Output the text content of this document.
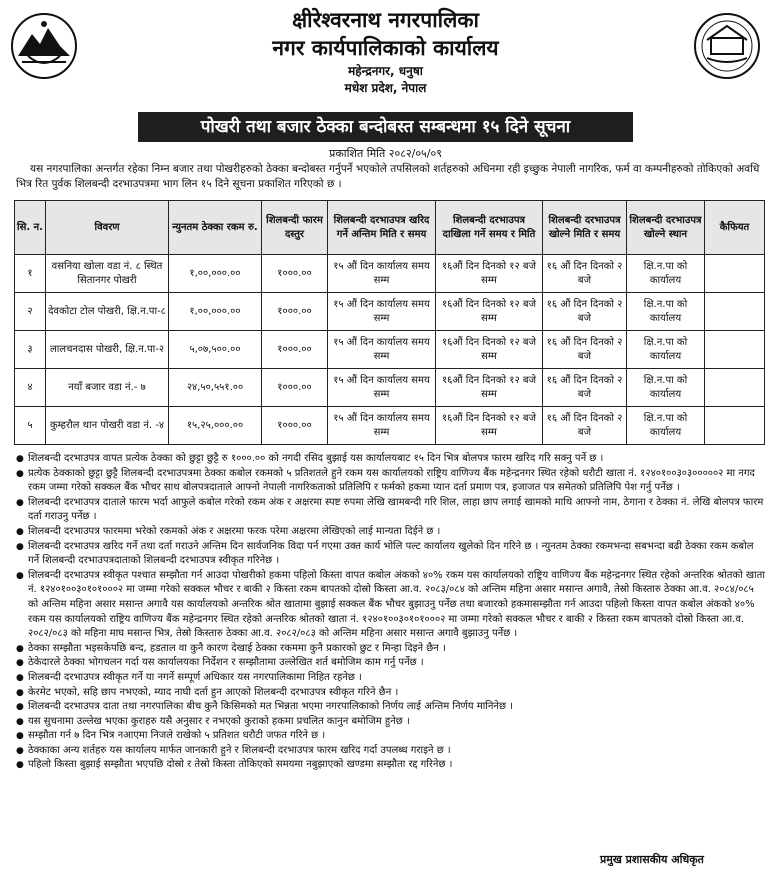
क्षीरेश्वरनाथ नगरपालिका
नगर कार्यपालिकाको कार्यालय
महेन्द्रनगर, धनुषा
मधेश प्रदेश, नेपाल
पोखरी तथा बजार ठेक्का बन्दोबस्त सम्बन्धमा १५ दिने सूचना
प्रकाशित मिति २०८२/०५/०९
यस नगरपालिका अन्तर्गत रहेका निम्न बजार तथा पोखरीहरुको ठेक्का बन्दोबस्त गर्नुपर्ने भएकोले तपसिलको शर्तहरुको अधिनमा रही इच्छुक नेपाली नागरिक, फर्म वा कम्पनीहरुको तोकिएको अवधि भित्र रित पुर्वक शिलबन्दी दरभाउपत्रमा भाग लिन १५ दिने सूचना प्रकाशित गरिएको छ ।
सि. न.	विवरण	न्युनतम ठेक्का रकम रु.	शिलबन्दी फारम दस्तुर	शिलबन्दी दरभाउपत्र खरिद गर्ने अन्तिम मिति र समय	शिलबन्दी दरभाउपत्र दाखिला गर्ने समय र मिति	शिलबन्दी दरभाउपत्र खोल्ने मिति र समय	शिलबन्दी दरभाउपत्र खोल्ने स्थान	कैफियत
१	वसनिया खोला वडा नं. ८ स्थित सितानगर पोखरी	१,००,०००.००	१०००.००	१५ औं दिन कार्यालय समय सम्म	१६औं दिन दिनको १२ बजे सम्म	१६ औं दिन दिनको २ बजे	क्षि.न.पा को कार्यालय	
२	देवकोटा टोल पोखरी, क्षि.न.पा-८	१,००,०००.००	१०००.००	१५ औं दिन कार्यालय समय सम्म	१६औं दिन दिनको १२ बजे सम्म	१६ औं दिन दिनको २ बजे	क्षि.न.पा को कार्यालय	
३	लालचनदास पोखरी, क्षि.न.पा-२	५,०७,५००.००	१०००.००	१५ औं दिन कार्यालय समय सम्म	१६औं दिन दिनको १२ बजे सम्म	१६ औं दिन दिनको २ बजे	क्षि.न.पा को कार्यालय	
४	नयाँ बजार वडा नं.- ७	२४,५०,५५१.००	१०००.००	१५ औं दिन कार्यालय समय सम्म	१६औं दिन दिनको १२ बजे सम्म	१६ औं दिन दिनको २ बजे	क्षि.न.पा को कार्यालय	
५	कुम्हरौल थान पोखरी वडा नं. -४	१५,२५,०००.००	१०००.००	१५ औं दिन कार्यालय समय सम्म	१६औं दिन दिनको १२ बजे सम्म	१६ औं दिन दिनको २ बजे	क्षि.न.पा को कार्यालय	
● शिलबन्दी दरभाउपत्र वापत प्रत्येक ठेक्का को छुट्टा छुट्टै रु १०००.०० को नगदी रसिद बुझाई यस कार्यालयबाट १५ दिन भित्र बोलपत्र फारम खरिद गरि सक्नु पर्ने छ ।
● प्रत्येक ठेक्काको छुट्टा छुट्टै शिलबन्दी दरभाउपत्रमा ठेक्का कबोल रकमको ५ प्रतिशतले हुने रकम यस कार्यालयको राष्ट्रिय वाणिज्य बैंक महेन्द्रनगर स्थित रहेको धरौटी खाता नं. १२४०१००३०३०००००२ मा नगद रकम जम्मा गरेको सक्कल बैंक भौचर साथ बोलपत्रदाताले आफ्नो नेपाली नागरिकताको प्रतिलिपि र फर्मको हकमा प्यान दर्ता प्रमाण पत्र, इजाजत पत्र समेतको प्रतिलिपि पेश गर्नु पर्नेछ ।
● शिलबन्दी दरभाउपत्र दाताले फारम भर्दा आफुले कबोल गरेको रकम अंक र अक्षरमा स्पष्ट रुपमा लेखि खामबन्दी गरि शिल, लाहा छाप लगाई खामको माथि आफ्नो नाम, ठेगाना र ठेक्का नं. लेखि बोलपत्र फारम दर्ता गराउनु पर्नेछ ।
● शिलबन्दी दरभाउपत्र फारममा भरेको रकमको अंक र अक्षरमा फरक परेमा अक्षरमा लेखिएको लाई मान्यता दिईने छ ।
● शिलबन्दी दरभाउपत्र खरिद गर्ने तथा दर्ता गराउने अन्तिम दिन सार्वजनिक विदा पर्न गएमा उक्त कार्य भोलि पल्ट कार्यालय खुलेको दिन गरिने छ । न्युनतम ठेक्का रकमभन्दा सबभन्दा बढी ठेक्का रकम कबोल गर्ने शिलबन्दी दरभाउपत्रदाताको शिलबन्दी दरभाउपत्र स्वीकृत गरिनेछ ।
● शिलबन्दी दरभाउपत्र स्वीकृत पश्चात सम्झौता गर्न आउदा पोखरीको हकमा पहिलो किस्ता वापत कबोल अंकको ४०% रकम यस कार्यालयको राष्ट्रिय वाणिज्य बैंक महेन्द्रनगर स्थित रहेको अन्तरिक श्रोतको खाता नं. १२४०१००३०१०१०००२ मा जम्मा गरेको सक्कल भौचर र बाकी २ किस्ता रकम बापतको दोस्रो किस्ता आ.व. २०८३/०८४ को अन्तिम महिना असार मसान्त अगावै, तेस्रो किस्तारु ठेक्का आ.व. २०८४/०८५ को अन्तिम महिना असार मसान्त अगावै यस कार्यालयको अन्तरिक श्रोत खातामा बुझाई सक्कल बैंक भौचर बुझाउनु पर्नेछ तथा बजारको हकमासम्झौता गर्न आउदा पहिलो किस्ता वापत कबोल अंकको ४०% रकम यस कार्यालयको राष्ट्रिय वाणिज्य बैंक महेन्द्रनगर स्थित रहेको अन्तरिक श्रोतको खाता नं. १२४०१००३०१०१०००२ मा जम्मा गरेको सक्कल भौचर र बाकी २ किस्ता रकम बापतको दोस्रो किस्ता आ.व. २०८२/०८३ को महिना माघ मसान्त भित्र, तेस्रो किस्तारु ठेक्का आ.व. २०८२/०८३ को अन्तिम महिना असार मसान्त अगावै बुझाउनु पर्नेछ ।
● ठेक्का सम्झौता भइसकेपछि बन्द, हडताल वा कुनै कारण देखाई ठेक्का रकममा कुनै प्रकारको छुट र मिन्हा दिइने छैन ।
● ठेकेदारले ठेक्का भोगचलन गर्दा यस कार्यालयका निर्देशन र सम्झौतामा उल्लेखित शर्त बमोजिम काम गर्नु पर्नेछ ।
● शिलबन्दी दरभाउपत्र स्वीकृत गर्ने या नगर्ने सम्पूर्ण अधिकार यस नगरपालिकामा निहित रहनेछ ।
● केरमेट भएको, सहि छाप नभएको, म्याद नाघी दर्ता हुन आएको शिलबन्दी दरभाउपत्र स्वीकृत गरिने छैन ।
● शिलबन्दी दरभाउपत्र दाता तथा नगरपालिका बीच कुनै किसिमको मत भिन्नता भएमा नगरपालिकाको निर्णय लाई अन्तिम निर्णय मानिनेछ ।
● यस सुचनामा उल्लेख भएका कुराहरु यसै अनुसार र नभएको कुराको हकमा प्रचलित कानुन बमोजिम हुनेछ ।
● सम्झौता गर्न ७ दिन भित्र नआएमा निजले राखेको ५ प्रतिशत धरौटी जफत गरिने छ ।
● ठेक्काका अन्य शर्तहरु यस कार्यालय मार्फत जानकारी हुने र शिलबन्दी दरभाउपत्र फारम खरिद गर्दा उपलब्ध गराइने छ ।
● पहिलो किस्ता बुझाई सम्झौता भएपछि दोस्रो र तेस्रो किस्ता तोकिएको समयमा नबुझाएको खण्डमा सम्झौता रद्द गरिनेछ ।
प्रमुख प्रशासकीय अधिकृत
